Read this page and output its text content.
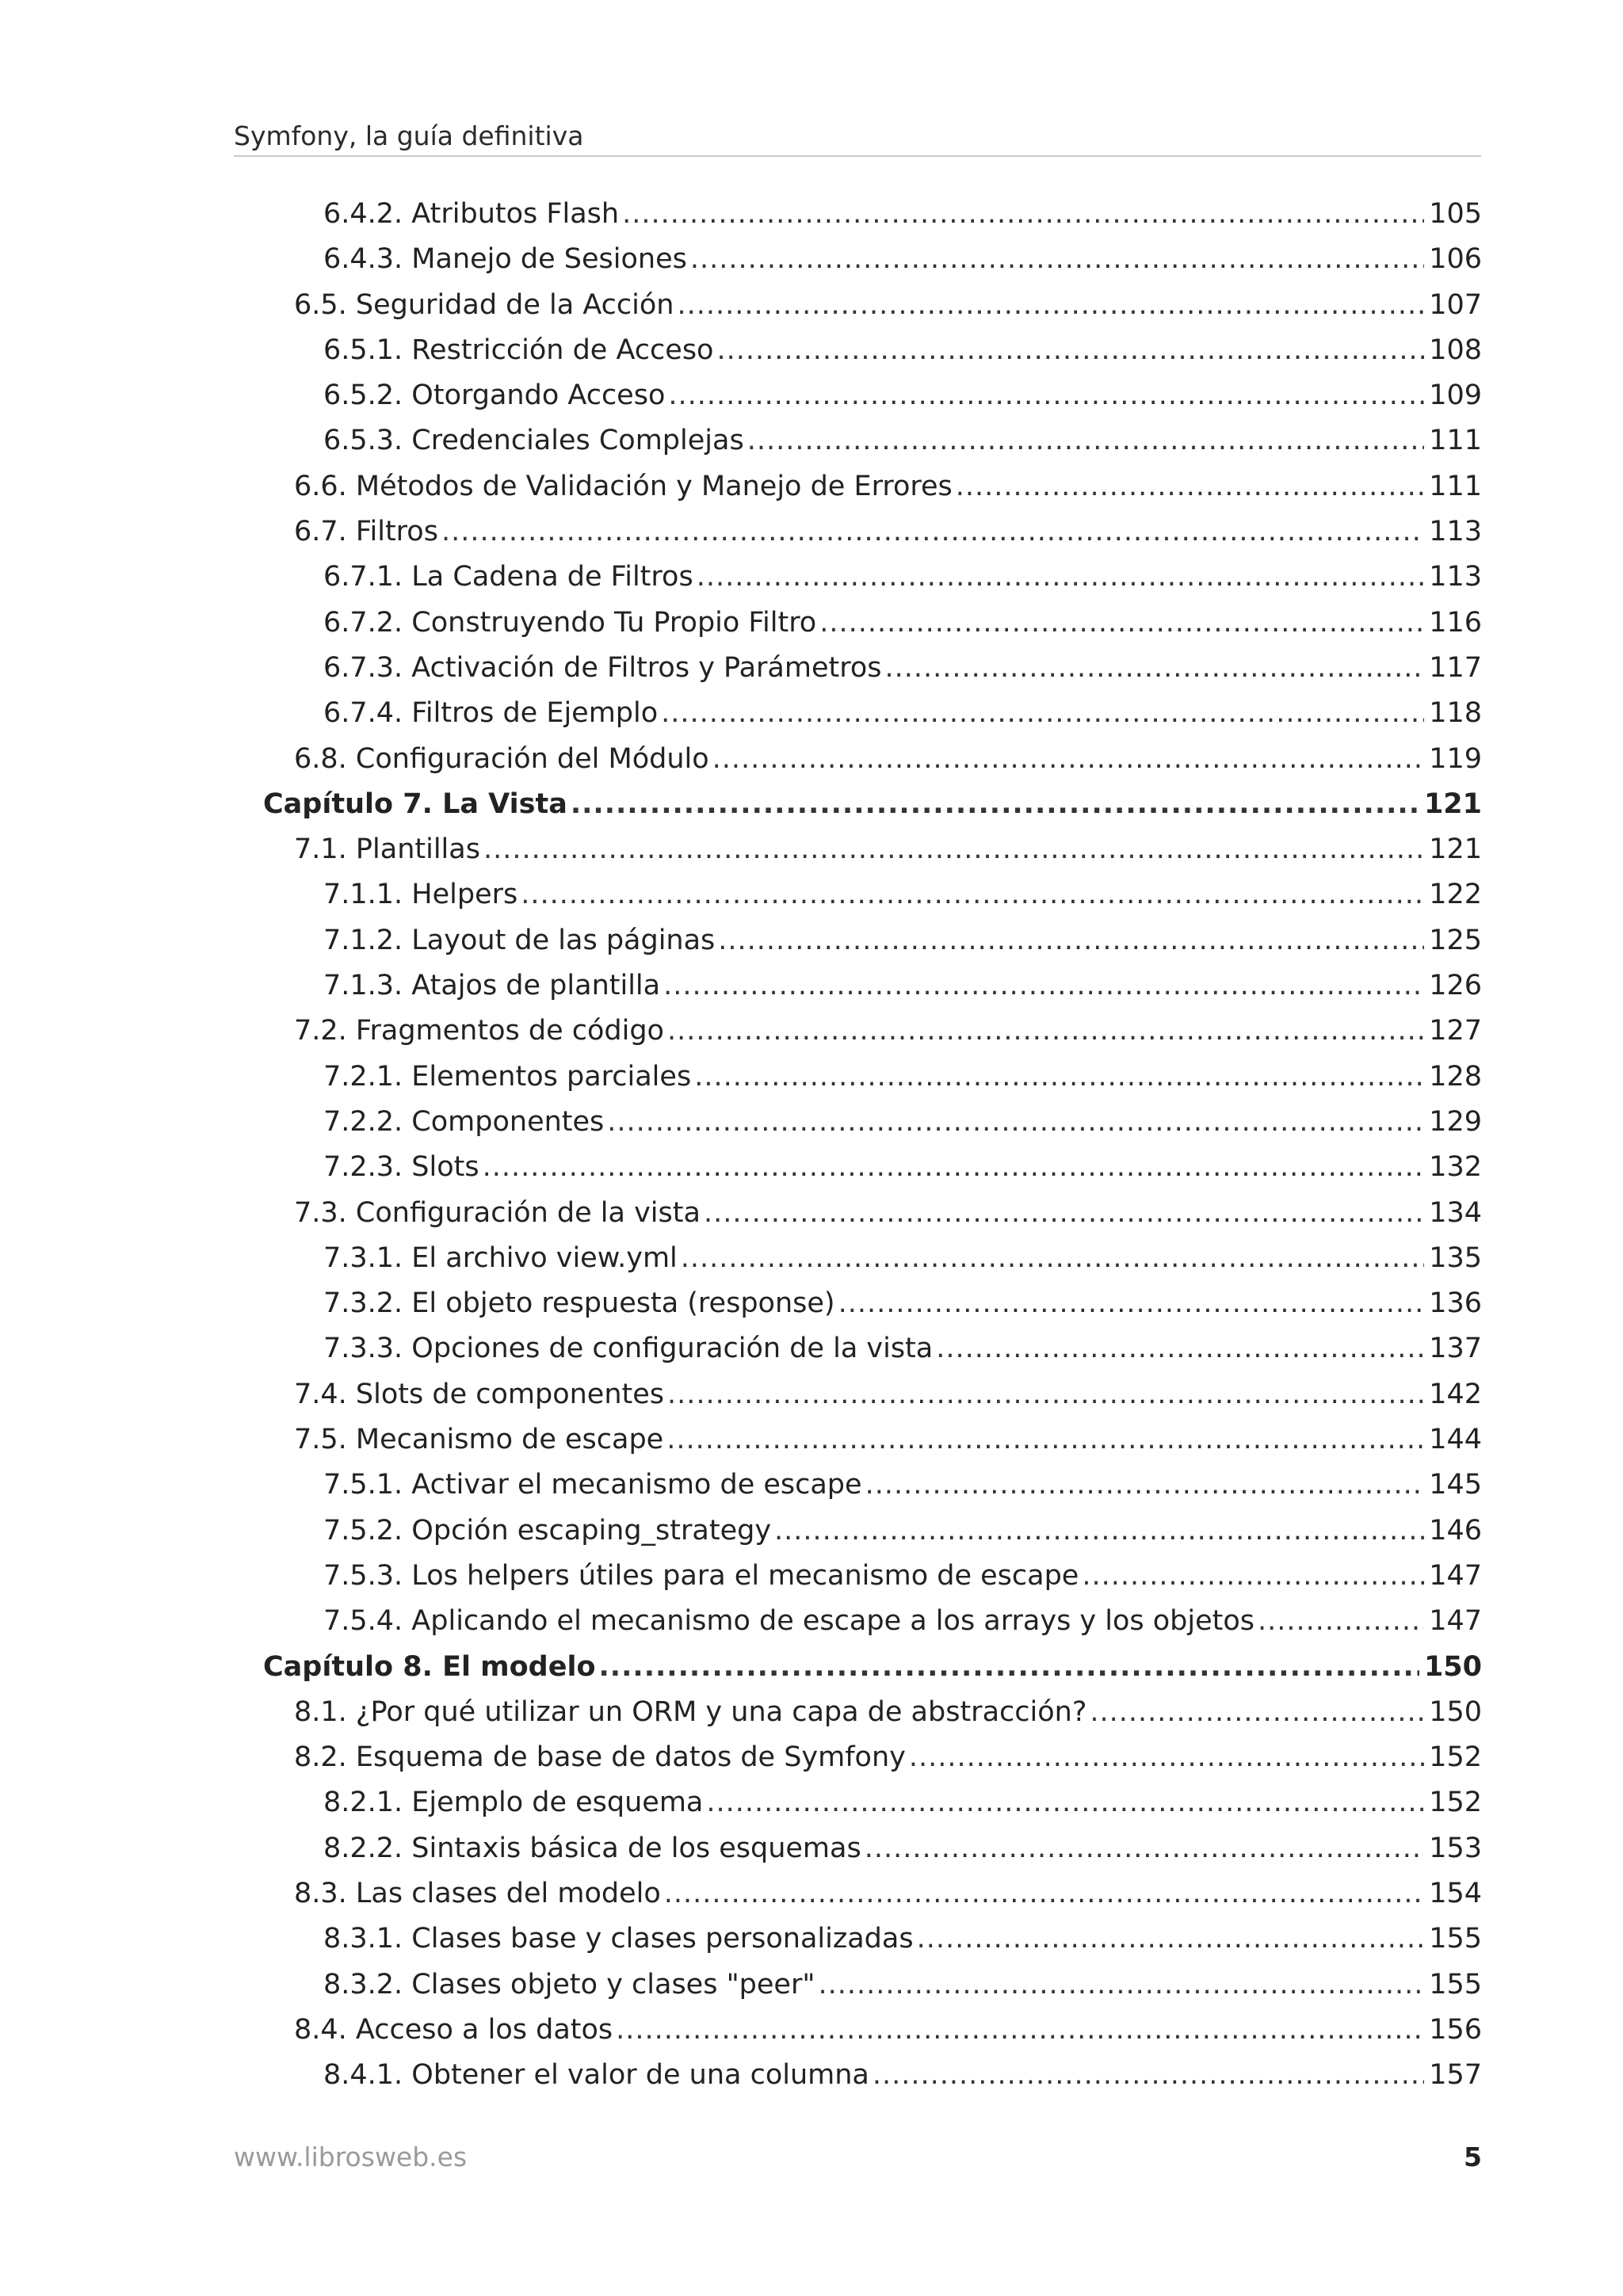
Symfony, la guía definitiva
6.4.2. Atributos Flash .....	105
6.4.3. Manejo de Sesiones .....	106
6.5. Seguridad de la Acción .....	107
6.5.1. Restricción de Acceso .....	108
6.5.2. Otorgando Acceso .....	109
6.5.3. Credenciales Complejas .....	111
6.6. Métodos de Validación y Manejo de Errores .....	111
6.7. Filtros .....	113
6.7.1. La Cadena de Filtros .....	113
6.7.2. Construyendo Tu Propio Filtro .....	116
6.7.3. Activación de Filtros y Parámetros .....	117
6.7.4. Filtros de Ejemplo .....	118
6.8. Configuración del Módulo .....	119
Capítulo 7. La Vista .....	121
7.1. Plantillas .....	121
7.1.1. Helpers .....	122
7.1.2. Layout de las páginas .....	125
7.1.3. Atajos de plantilla .....	126
7.2. Fragmentos de código .....	127
7.2.1. Elementos parciales .....	128
7.2.2. Componentes .....	129
7.2.3. Slots .....	132
7.3. Configuración de la vista .....	134
7.3.1. El archivo view.yml .....	135
7.3.2. El objeto respuesta (response) .....	136
7.3.3. Opciones de configuración de la vista .....	137
7.4. Slots de componentes .....	142
7.5. Mecanismo de escape .....	144
7.5.1. Activar el mecanismo de escape .....	145
7.5.2. Opción escaping_strategy .....	146
7.5.3. Los helpers útiles para el mecanismo de escape .....	147
7.5.4. Aplicando el mecanismo de escape a los arrays y los objetos .....	147
Capítulo 8. El modelo .....	150
8.1. ¿Por qué utilizar un ORM y una capa de abstracción? .....	150
8.2. Esquema de base de datos de Symfony .....	152
8.2.1. Ejemplo de esquema .....	152
8.2.2. Sintaxis básica de los esquemas .....	153
8.3. Las clases del modelo .....	154
8.3.1. Clases base y clases personalizadas .....	155
8.3.2. Clases objeto y clases "peer" .....	155
8.4. Acceso a los datos .....	156
8.4.1. Obtener el valor de una columna .....	157
www.librosweb.es	5
